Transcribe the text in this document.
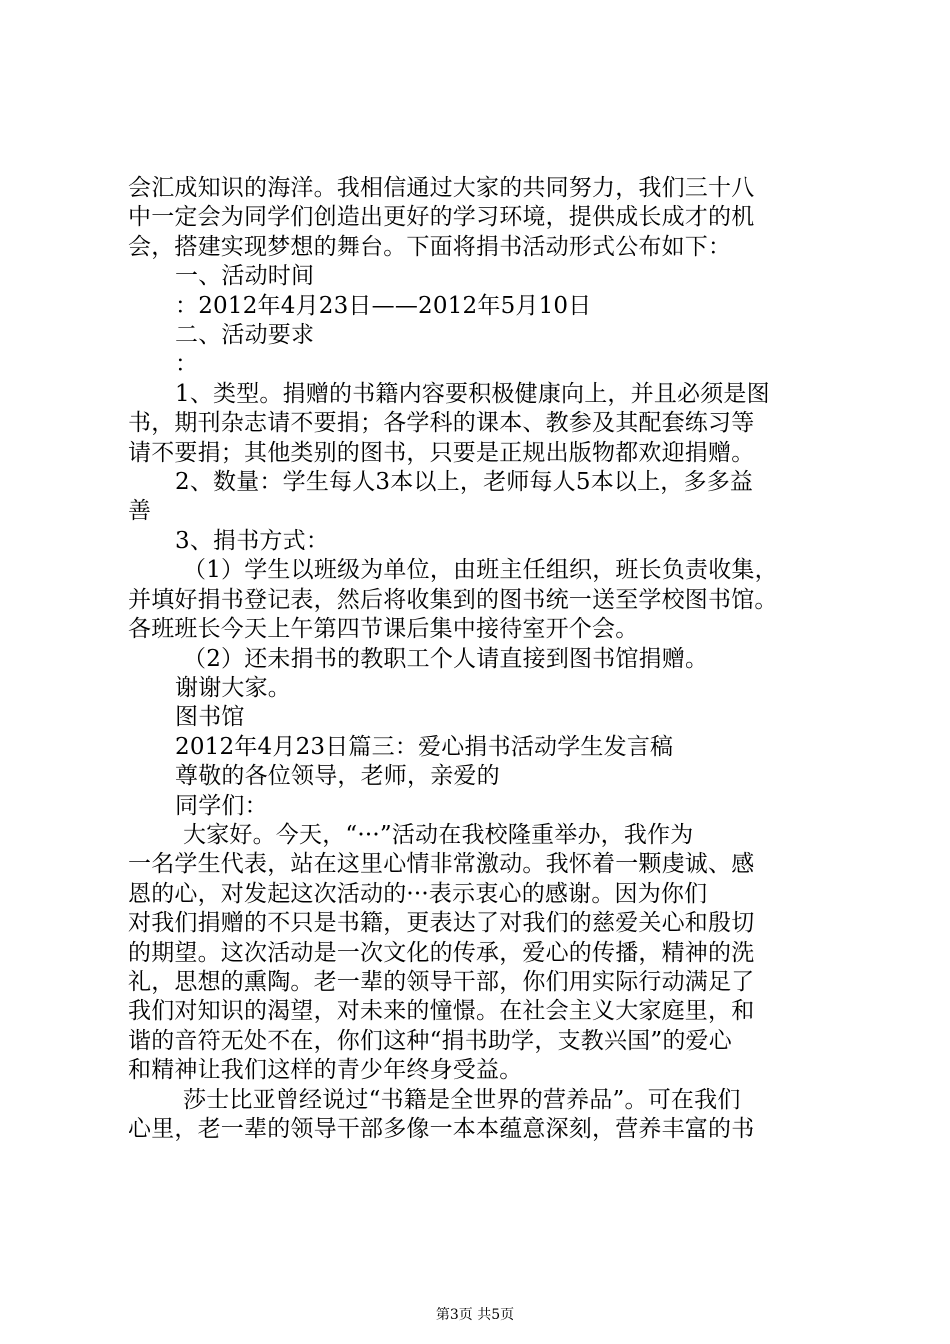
会汇成知识的海洋。我相信通过大家的共同努力，我们三十八

中一定会为同学们创造出更好的学习环境，提供成长成才的机

会，搭建实现梦想的舞台。下面将捐书活动形式公布如下：

一、活动时间

：2012年4月23日——2012年5月10日

二、活动要求

：

1、类型。捐赠的书籍内容要积极健康向上，并且必须是图

书，期刊杂志请不要捐；各学科的课本、教参及其配套练习等

请不要捐；其他类别的图书，只要是正规出版物都欢迎捐赠。

2、数量：学生每人3本以上，老师每人5本以上，多多益

善

3、捐书方式：

（1）学生以班级为单位，由班主任组织，班长负责收集，

并填好捐书登记表，然后将收集到的图书统一送至学校图书馆。

各班班长今天上午第四节课后集中接待室开个会。

（2）还未捐书的教职工个人请直接到图书馆捐赠。

谢谢大家。

图书馆

2012年4月23日篇三：爱心捐书活动学生发言稿

尊敬的各位领导，老师，亲爱的

同学们：

大家好。今天，“···”活动在我校隆重举办，我作为

一名学生代表，站在这里心情非常激动。我怀着一颗虔诚、感

恩的心，对发起这次活动的···表示衷心的感谢。因为你们

对我们捐赠的不只是书籍，更表达了对我们的慈爱关心和殷切

的期望。这次活动是一次文化的传承，爱心的传播，精神的洗

礼，思想的熏陶。老一辈的领导干部，你们用实际行动满足了

我们对知识的渴望，对未来的憧憬。在社会主义大家庭里，和

谐的音符无处不在，你们这种“捐书助学，支教兴国”的爱心

和精神让我们这样的青少年终身受益。

莎士比亚曾经说过“书籍是全世界的营养品”。可在我们

心里，老一辈的领导干部多像一本本蕴意深刻，营养丰富的书

第3页 共5页
